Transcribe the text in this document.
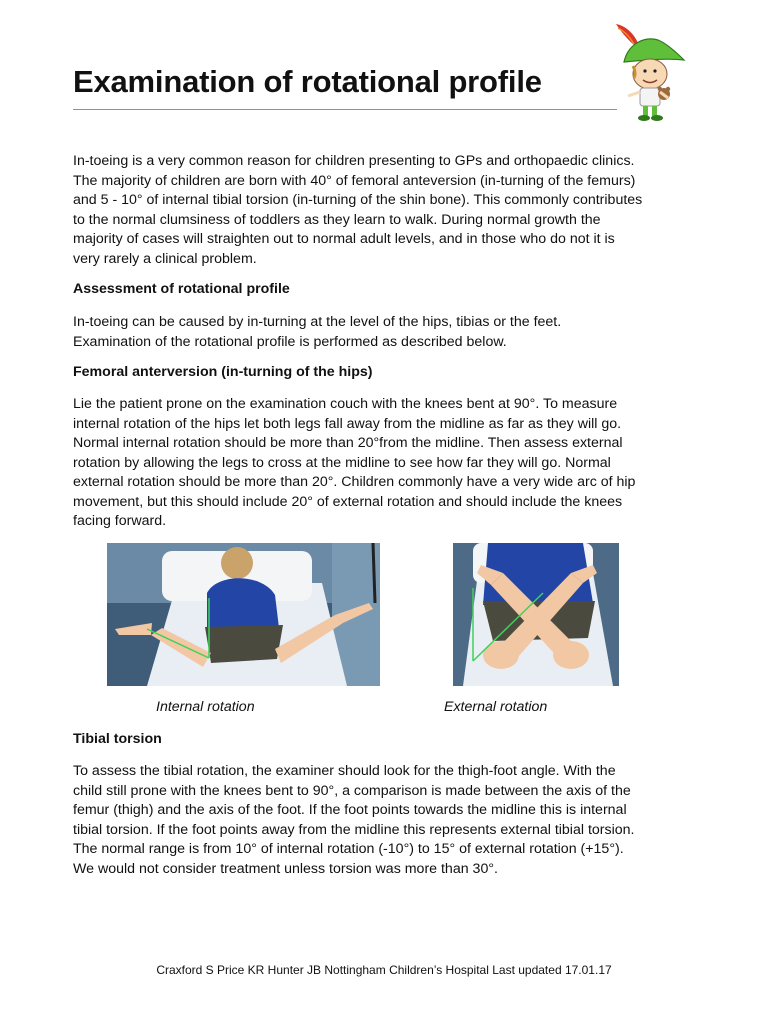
Examination of rotational profile

In-toeing is a very common reason for children presenting to GPs and orthopaedic clinics.
The majority of children are born with 40° of femoral anteversion (in-turning of the femurs)
and 5 - 10° of internal tibial torsion (in-turning of the shin bone). This commonly contributes
to the normal clumsiness of toddlers as they learn to walk. During normal growth the
majority of cases will straighten out to normal adult levels, and in those who do not it is
very rarely a clinical problem.

Assessment of rotational profile

In-toeing can be caused by in-turning at the level of the hips, tibias or the feet.
Examination of the rotational profile is performed as described below.

Femoral anterversion (in-turning of the hips)

Lie the patient prone on the examination couch with the knees bent at 90°. To measure
internal rotation of the hips let both legs fall away from the midline as far as they will go.
Normal internal rotation should be more than 20°from the midline. Then assess external
rotation by allowing the legs to cross at the midline to see how far they will go. Normal
external rotation should be more than 20°. Children commonly have a very wide arc of hip
movement, but this should include 20° of external rotation and should include the knees
facing forward.

Internal rotation	External rotation
Tibial torsion

To assess the tibial rotation, the examiner should look for the thigh-foot angle. With the
child still prone with the knees bent to 90°, a comparison is made between the axis of the
femur (thigh) and the axis of the foot. If the foot points towards the midline this is internal
tibial torsion. If the foot points away from the midline this represents external tibial torsion.
The normal range is from 10° of internal rotation (-10°) to 15° of external rotation (+15°).
We would not consider treatment unless torsion was more than 30°.

Craxford S Price KR Hunter JB Nottingham Children’s Hospital Last updated 17.01.17
